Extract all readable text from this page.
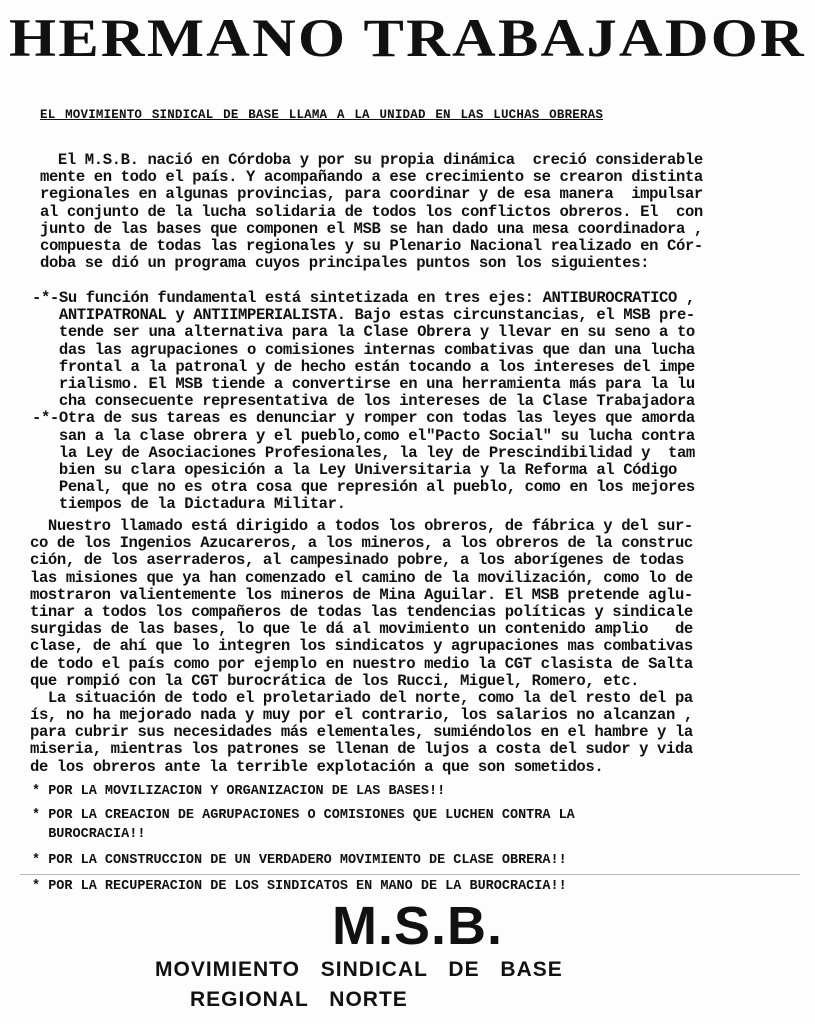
HERMANO TRABAJADOR
EL MOVIMIENTO SINDICAL DE BASE LLAMA A LA UNIDAD EN LAS LUCHAS OBRERAS
El M.S.B. nació en Córdoba y por su propia dinámica  creció considerable
mente en todo el país. Y acompañando a ese crecimiento se crearon distinta
regionales en algunas provincias, para coordinar y de esa manera  impulsar
al conjunto de la lucha solidaria de todos los conflictos obreros. El  con
junto de las bases que componen el MSB se han dado una mesa coordinadora ,
compuesta de todas las regionales y su Plenario Nacional realizado en Cór-
doba se dió un programa cuyos principales puntos son los siguientes:
-*-Su función fundamental está sintetizada en tres ejes: ANTIBUROCRATICO ,
ANTIPATRONAL y ANTIIMPERIALISTA. Bajo estas circunstancias, el MSB pre-
tende ser una alternativa para la Clase Obrera y llevar en su seno a to
das las agrupaciones o comisiones internas combativas que dan una lucha
frontal a la patronal y de hecho están tocando a los intereses del impe
rialismo. El MSB tiende a convertirse en una herramienta más para la lu
cha consecuente representativa de los intereses de la Clase Trabajadora
-*-Otra de sus tareas es denunciar y romper con todas las leyes que amorda
san a la clase obrera y el pueblo,como el"Pacto Social" su lucha contra
la Ley de Asociaciones Profesionales, la ley de Prescindibilidad y  tam
bien su clara opesición a la Ley Universitaria y la Reforma al Código
Penal, que no es otra cosa que represión al pueblo, como en los mejores
tiempos de la Dictadura Militar.
Nuestro llamado está dirigido a todos los obreros, de fábrica y del sur-
co de los Ingenios Azucareros, a los mineros, a los obreros de la construc
ción, de los aserraderos, al campesinado pobre, a los aborígenes de todas
las misiones que ya han comenzado el camino de la movilización, como lo de
mostraron valientemente los mineros de Mina Aguilar. El MSB pretende aglu-
tinar a todos los compañeros de todas las tendencias políticas y sindicale
surgidas de las bases, lo que le dá al movimiento un contenido amplio   de
clase, de ahí que lo integren los sindicatos y agrupaciones mas combativas
de todo el país como por ejemplo en nuestro medio la CGT clasista de Salta
que rompió con la CGT burocrática de los Rucci, Miguel, Romero, etc.
La situación de todo el proletariado del norte, como la del resto del pa
ís, no ha mejorado nada y muy por el contrario, los salarios no alcanzan ,
para cubrir sus necesidades más elementales, sumiéndolos en el hambre y la
miseria, mientras los patrones se llenan de lujos a costa del sudor y vida
de los obreros ante la terrible explotación a que son sometidos.
* POR LA MOVILIZACION Y ORGANIZACION DE LAS BASES!!
* POR LA CREACION DE AGRUPACIONES O COMISIONES QUE LUCHEN CONTRA LA
BUROCRACIA!!
* POR LA CONSTRUCCION DE UN VERDADERO MOVIMIENTO DE CLASE OBRERA!!
* POR LA RECUPERACION DE LOS SINDICATOS EN MANO DE LA BUROCRACIA!!
M.S.B.
MOVIMIENTO SINDICAL DE BASE
REGIONAL NORTE
